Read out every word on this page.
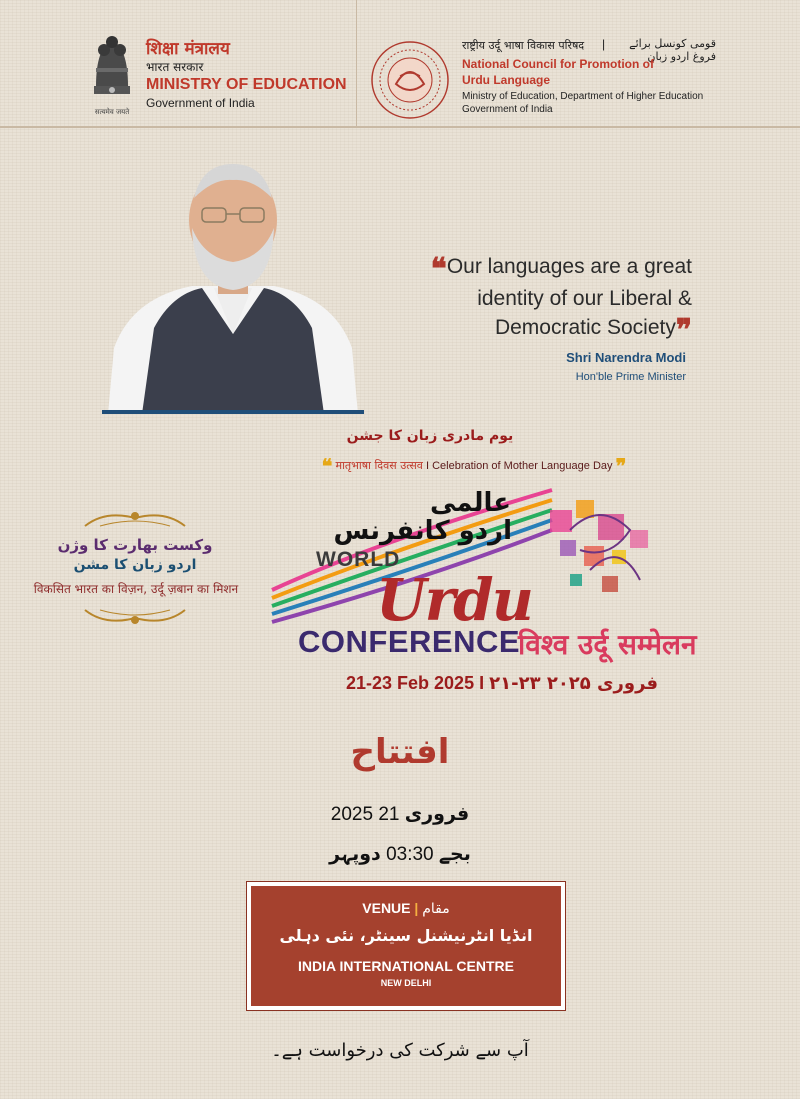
सत्यमेव जयते
शिक्षा मंत्रालय
भारत सरकार
MINISTRY OF EDUCATION
Government of India
राष्ट्रीय उर्दू भाषा विकास परिषद |	قومی کونسل برائے فروغ اردو زبان
National Council for Promotion of Urdu Language
Ministry of Education, Department of Higher Education
Government of India
❝Our languages are a great
identity of our Liberal &
Democratic Society❞
Shri Narendra Modi
Hon'ble Prime Minister
یوم مادری زبان کا جشن
❝ मातृभाषा दिवस उत्सव I Celebration of Mother Language Day ❞
وکست بھارت کا وژن
اردو زبان کا مشن
विकसित भारत का विज़न, उर्दू ज़बान का मिशन
عالمی
اردو کانفرنس
WORLD
Urdu
CONFERENCE
विश्व उर्दू सम्मेलन
21-23 Feb 2025 I ۲۱-۲۳ فروری ۲۰۲۵
افتتاح
2025 فروری 21
بجے 03:30 دوپہر
VENUE | مقام
انڈیا انٹرنیشنل سینٹر، نئی دہلی
INDIA INTERNATIONAL CENTRE
NEW DELHI
آپ سے شرکت کی درخواست ہے۔
